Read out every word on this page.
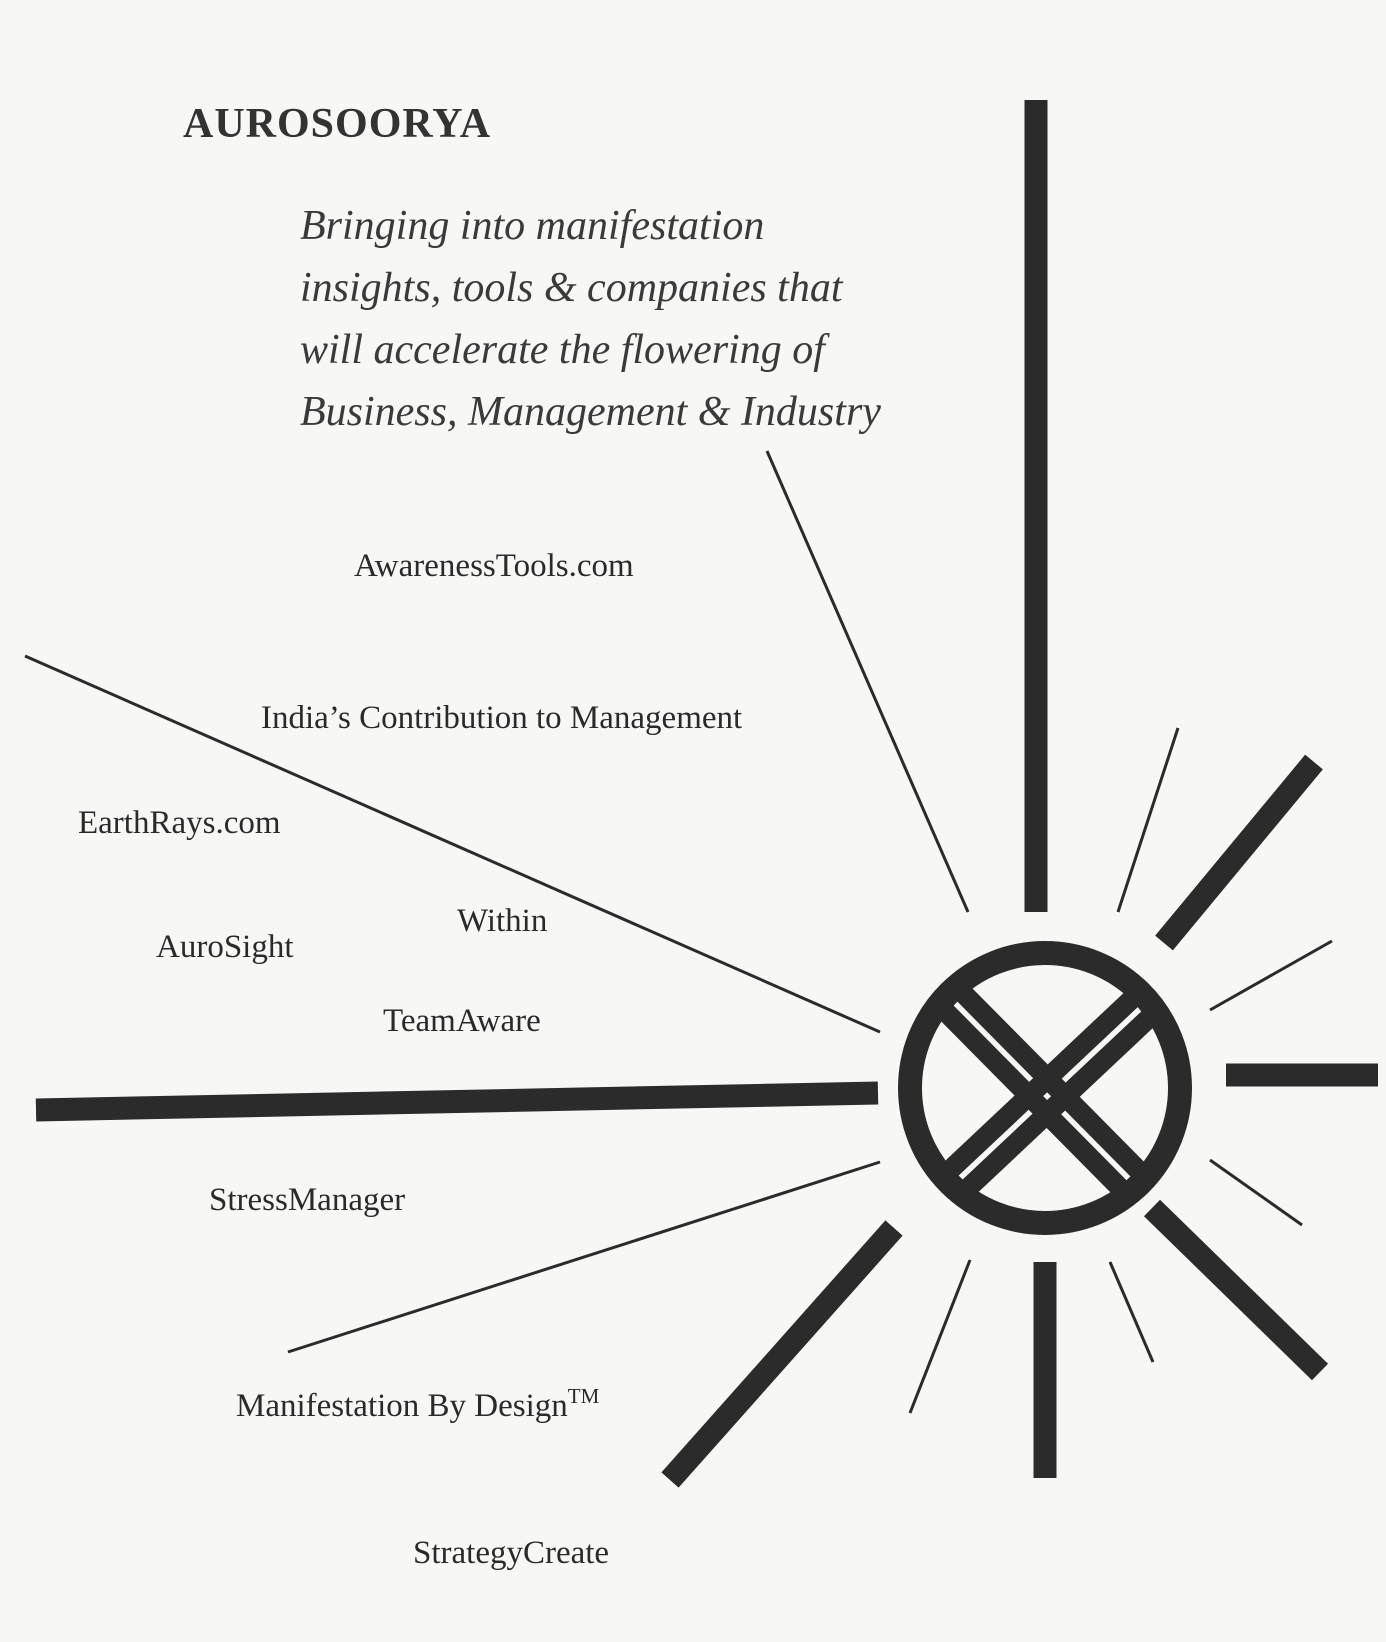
AUROSOORYA
Bringing into manifestation
insights, tools & companies that
will accelerate the flowering of
Business, Management & Industry
AwarenessTools.com
India’s Contribution to Management
EarthRays.com
Within
AuroSight
TeamAware
StressManager
Manifestation By Design™
StrategyCreate
